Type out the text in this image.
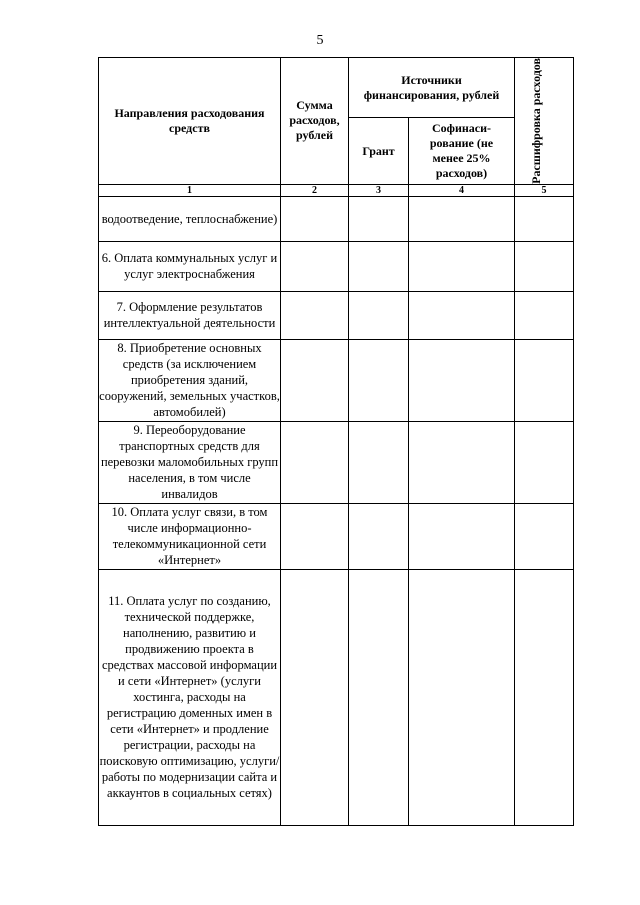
5
Направления расходования средств	Сумма расходов, рублей	Источники финансирования, рублей		Расшифровка расходов

		Грант	Софинаси-рование (не менее 25% расходов)	
1	2	3	4	5
водоотведение, теплоснабжение)				
6. Оплата коммунальных услуг и услуг электроснабжения				
7. Оформление результатов интеллектуальной деятельности				
8. Приобретение основных средств (за исключением приобретения зданий, сооружений, земельных участков, автомобилей)				
9. Переоборудование транспортных средств для перевозки маломобильных групп населения, в том числе инвалидов				
10. Оплата услуг связи, в том числе информационно-телекоммуникационной сети «Интернет»				
11. Оплата услуг по созданию, технической поддержке, наполнению, развитию и продвижению проекта в средствах массовой информации и сети «Интернет» (услуги хостинга, расходы на регистрацию доменных имен в сети «Интернет» и продление регистрации, расходы на поисковую оптимизацию, услуги/работы по модернизации сайта и аккаунтов в социальных сетях)				
